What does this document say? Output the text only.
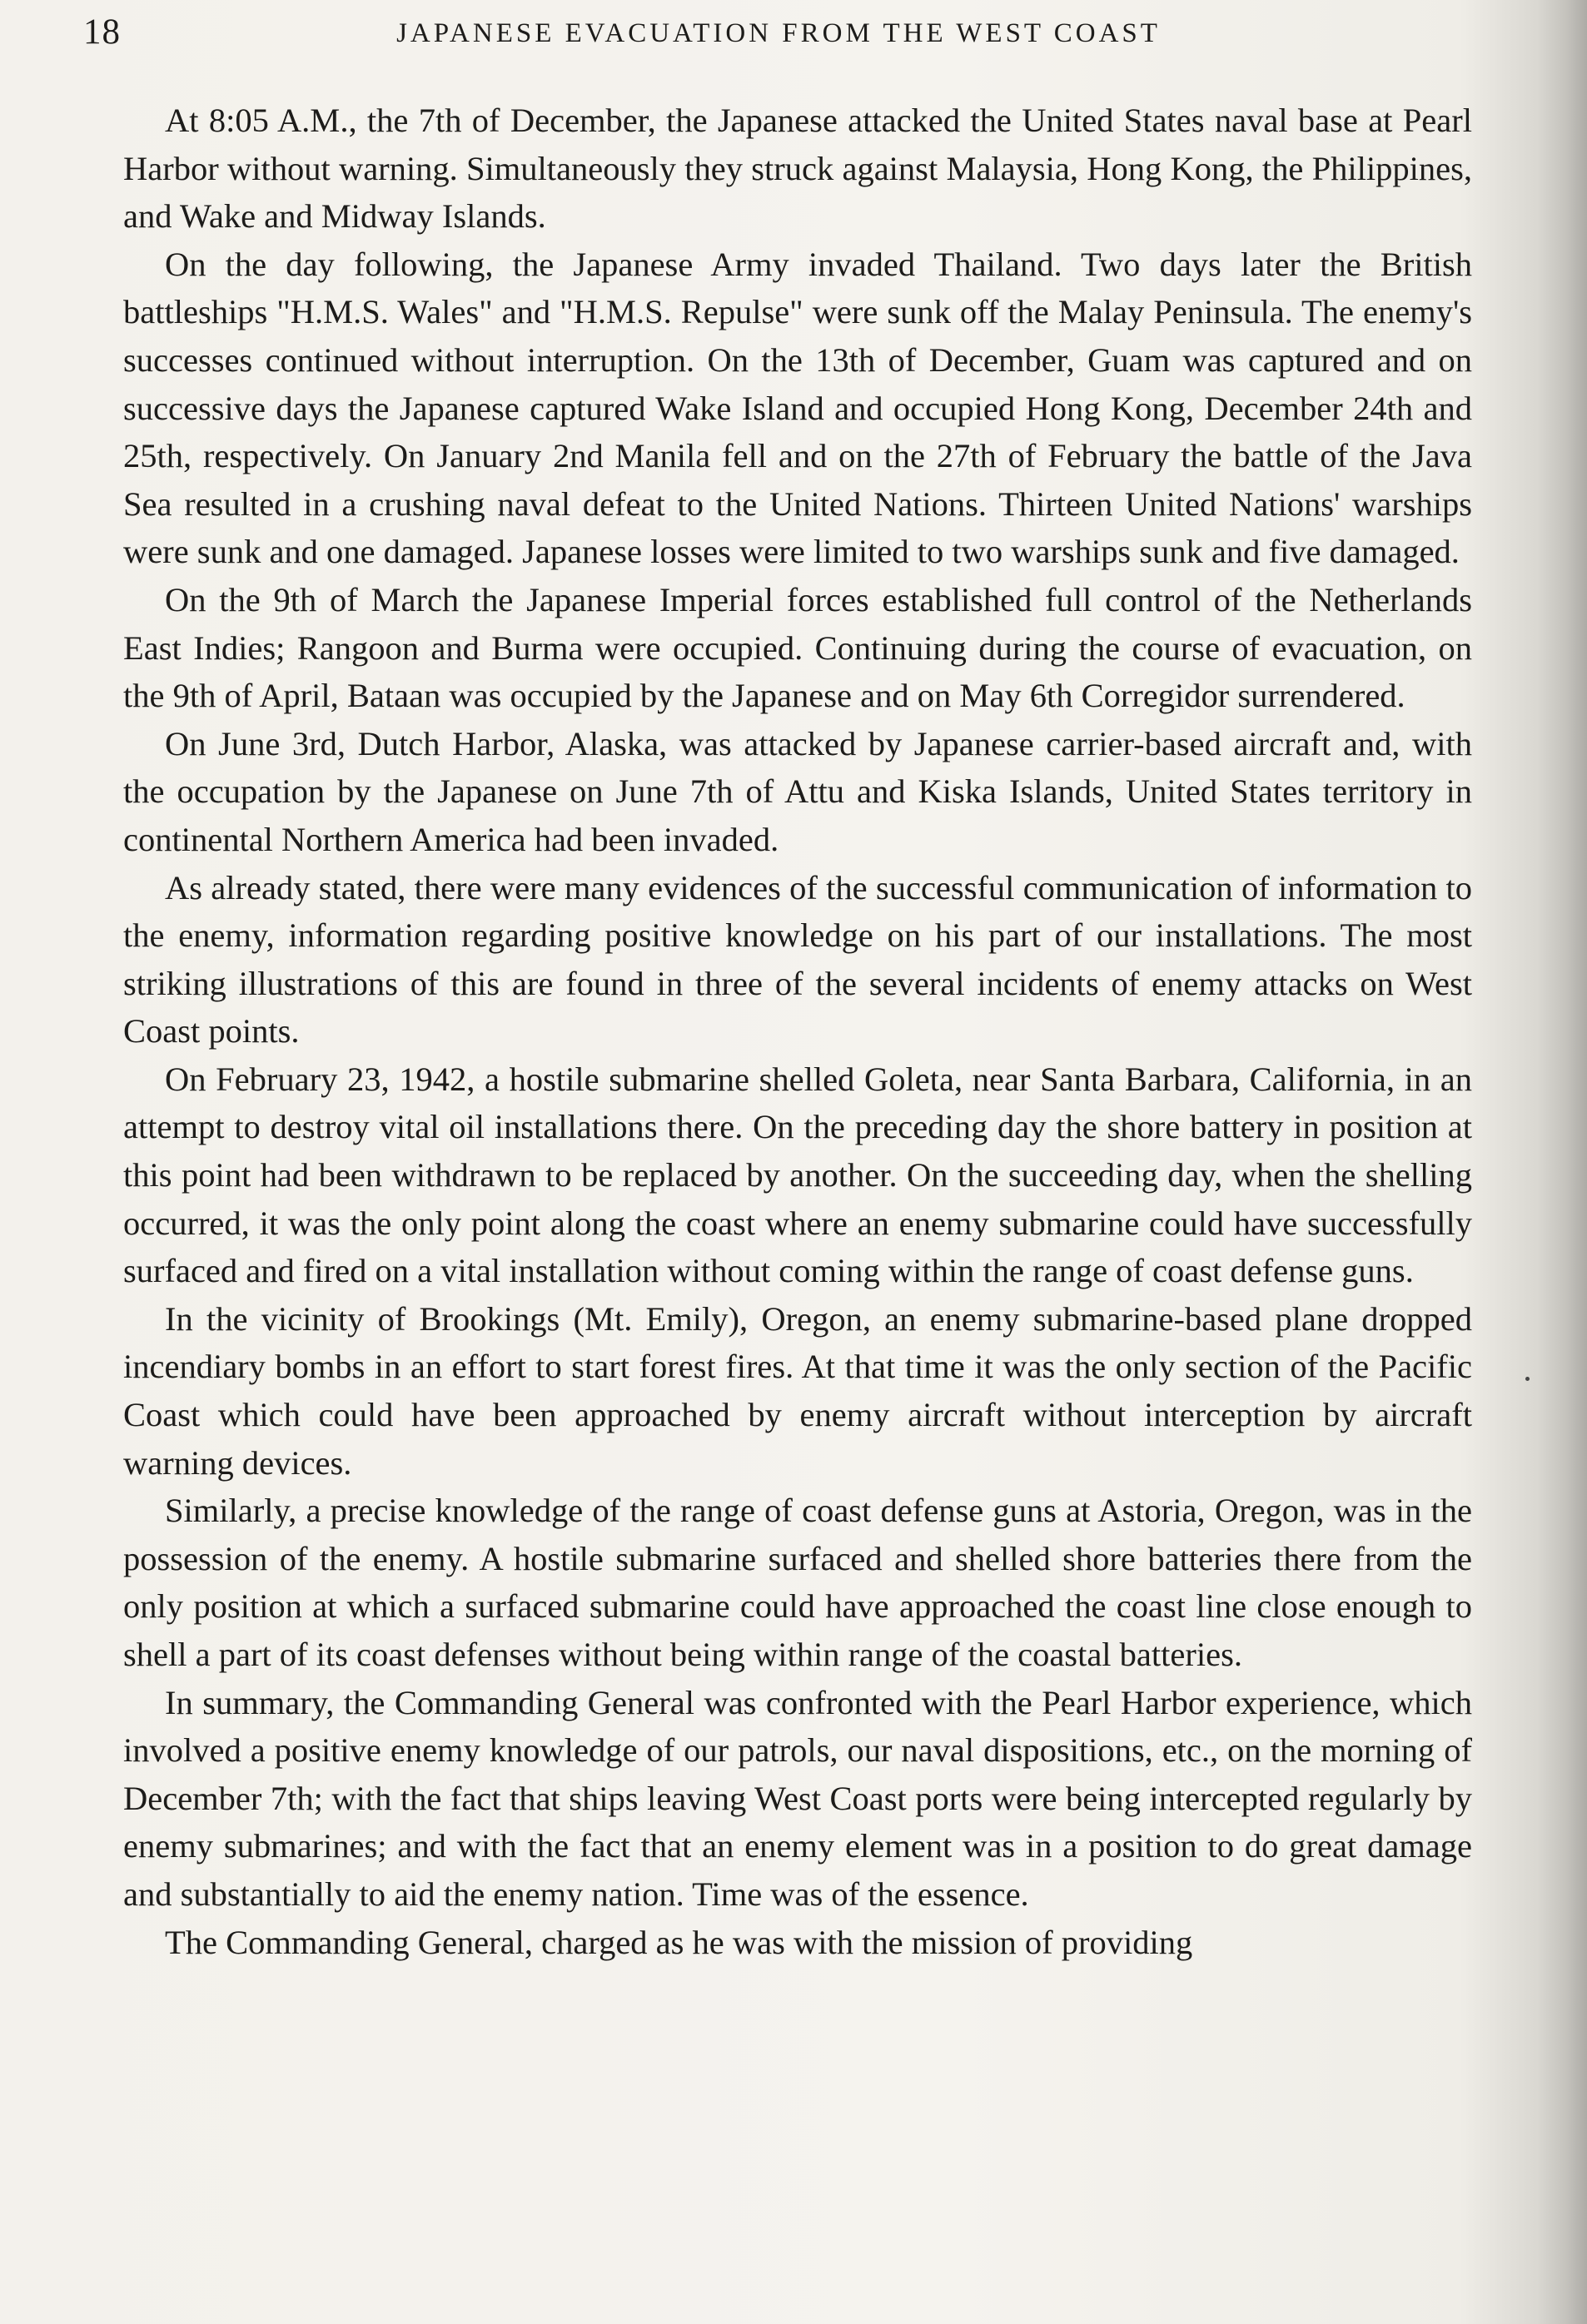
18	JAPANESE EVACUATION FROM THE WEST COAST

At 8:05 A.M., the 7th of December, the Japanese attacked the United States naval base at Pearl Harbor without warning. Simultaneously they struck against Malaysia, Hong Kong, the Philippines, and Wake and Midway Islands.

On the day following, the Japanese Army invaded Thailand. Two days later the British battleships "H.M.S. Wales" and "H.M.S. Repulse" were sunk off the Malay Peninsula. The enemy's successes continued without interruption. On the 13th of December, Guam was captured and on successive days the Japanese captured Wake Island and occupied Hong Kong, December 24th and 25th, respectively. On January 2nd Manila fell and on the 27th of February the battle of the Java Sea resulted in a crushing naval defeat to the United Nations. Thirteen United Nations' warships were sunk and one damaged. Japanese losses were limited to two warships sunk and five damaged.

On the 9th of March the Japanese Imperial forces established full control of the Netherlands East Indies; Rangoon and Burma were occupied. Continuing during the course of evacuation, on the 9th of April, Bataan was occupied by the Japanese and on May 6th Corregidor surrendered.

On June 3rd, Dutch Harbor, Alaska, was attacked by Japanese carrier-based aircraft and, with the occupation by the Japanese on June 7th of Attu and Kiska Islands, United States territory in continental Northern America had been invaded.

As already stated, there were many evidences of the successful communication of information to the enemy, information regarding positive knowledge on his part of our installations. The most striking illustrations of this are found in three of the several incidents of enemy attacks on West Coast points.

On February 23, 1942, a hostile submarine shelled Goleta, near Santa Barbara, California, in an attempt to destroy vital oil installations there. On the preceding day the shore battery in position at this point had been withdrawn to be replaced by another. On the succeeding day, when the shelling occurred, it was the only point along the coast where an enemy submarine could have successfully surfaced and fired on a vital installation without coming within the range of coast defense guns.

In the vicinity of Brookings (Mt. Emily), Oregon, an enemy submarine-based plane dropped incendiary bombs in an effort to start forest fires. At that time it was the only section of the Pacific Coast which could have been approached by enemy aircraft without interception by aircraft warning devices.

Similarly, a precise knowledge of the range of coast defense guns at Astoria, Oregon, was in the possession of the enemy. A hostile submarine surfaced and shelled shore batteries there from the only position at which a surfaced submarine could have approached the coast line close enough to shell a part of its coast defenses without being within range of the coastal batteries.

In summary, the Commanding General was confronted with the Pearl Harbor experience, which involved a positive enemy knowledge of our patrols, our naval dispositions, etc., on the morning of December 7th; with the fact that ships leaving West Coast ports were being intercepted regularly by enemy submarines; and with the fact that an enemy element was in a position to do great damage and substantially to aid the enemy nation. Time was of the essence.

The Commanding General, charged as he was with the mission of providing
